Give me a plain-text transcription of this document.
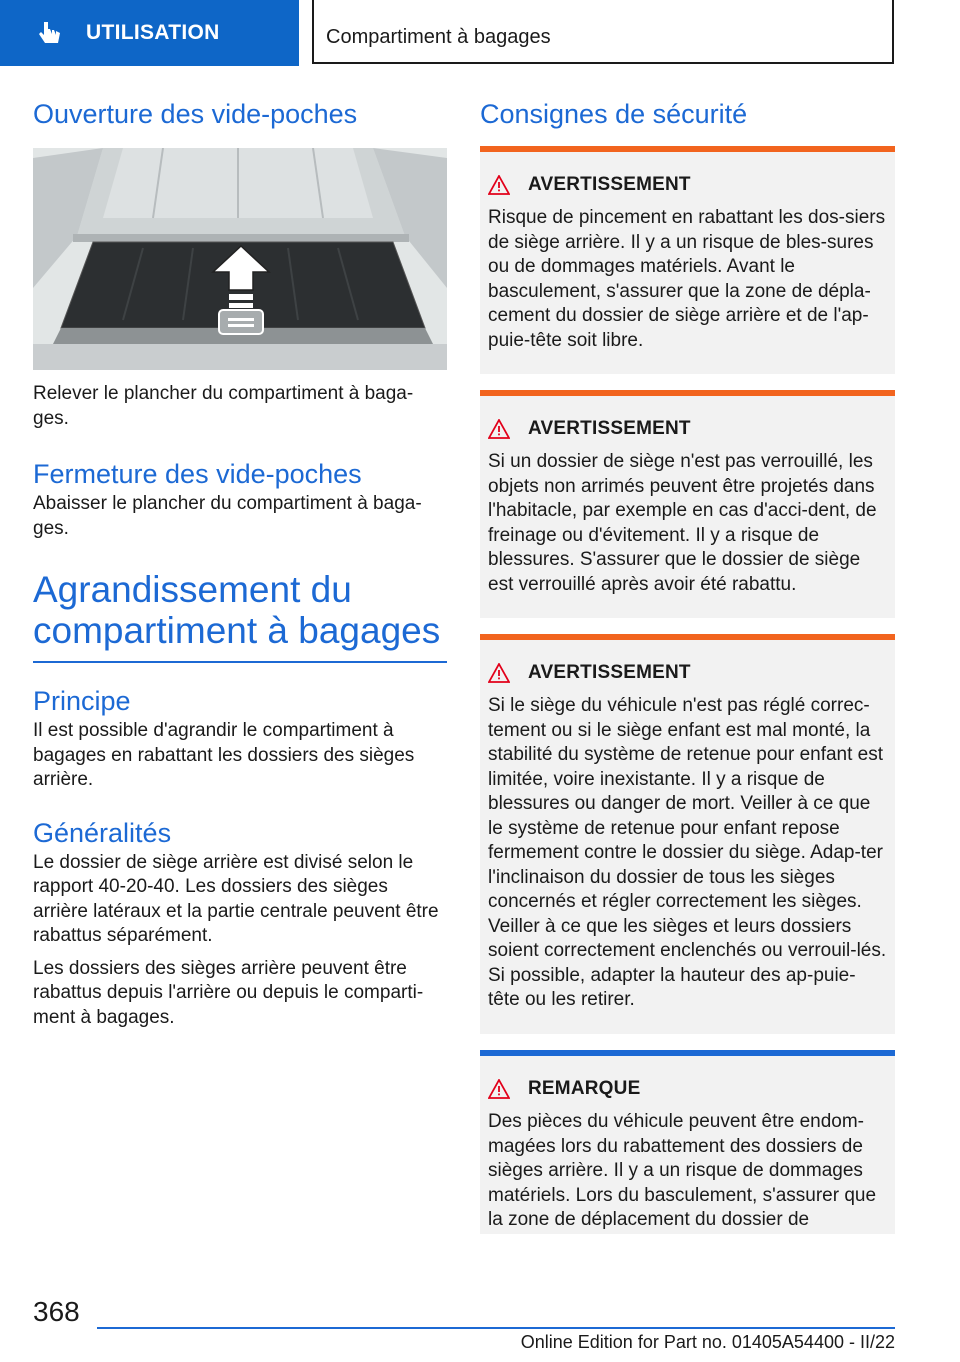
UTILISATION	Compartiment à bagages
Ouverture des vide-poches

Relever le plancher du compartiment à baga-ges.

Fermeture des vide-poches

Abaisser le plancher du compartiment à baga-ges.

Agrandissement du
compartiment à bagages
Principe

Il est possible d'agrandir le compartiment à bagages en rabattant les dossiers des sièges arrière.

Généralités

Le dossier de siège arrière est divisé selon le rapport 40‑20‑40. Les dossiers des sièges arrière latéraux et la partie centrale peuvent être rabattus séparément.

Les dossiers des sièges arrière peuvent être rabattus depuis l'arrière ou depuis le comparti-ment à bagages.

Consignes de sécurité
AVERTISSEMENT

Risque de pincement en rabattant les dos-siers de siège arrière. Il y a un risque de bles-sures ou de dommages matériels. Avant le basculement, s'assurer que la zone de dépla-cement du dossier de siège arrière et de l'ap-puie-tête soit libre.

AVERTISSEMENT

Si un dossier de siège n'est pas verrouillé, les objets non arrimés peuvent être projetés dans l'habitacle, par exemple en cas d'acci-dent, de freinage ou d'évitement. Il y a risque de blessures. S'assurer que le dossier de siège est verrouillé après avoir été rabattu.

AVERTISSEMENT

Si le siège du véhicule n'est pas réglé correc-tement ou si le siège enfant est mal monté, la stabilité du système de retenue pour enfant est limitée, voire inexistante. Il y a risque de blessures ou danger de mort. Veiller à ce que le système de retenue pour enfant repose fermement contre le dossier du siège. Adap-ter l'inclinaison du dossier de tous les sièges concernés et régler correctement les sièges. Veiller à ce que les sièges et leurs dossiers soient correctement enclenchés ou verrouil-lés. Si possible, adapter la hauteur des ap-puie-tête ou les retirer.

REMARQUE

Des pièces du véhicule peuvent être endom-magées lors du rabattement des dossiers de sièges arrière. Il y a un risque de dommages matériels. Lors du basculement, s'assurer que la zone de déplacement du dossier de

368
Online Edition for Part no. 01405A54400 - II/22
